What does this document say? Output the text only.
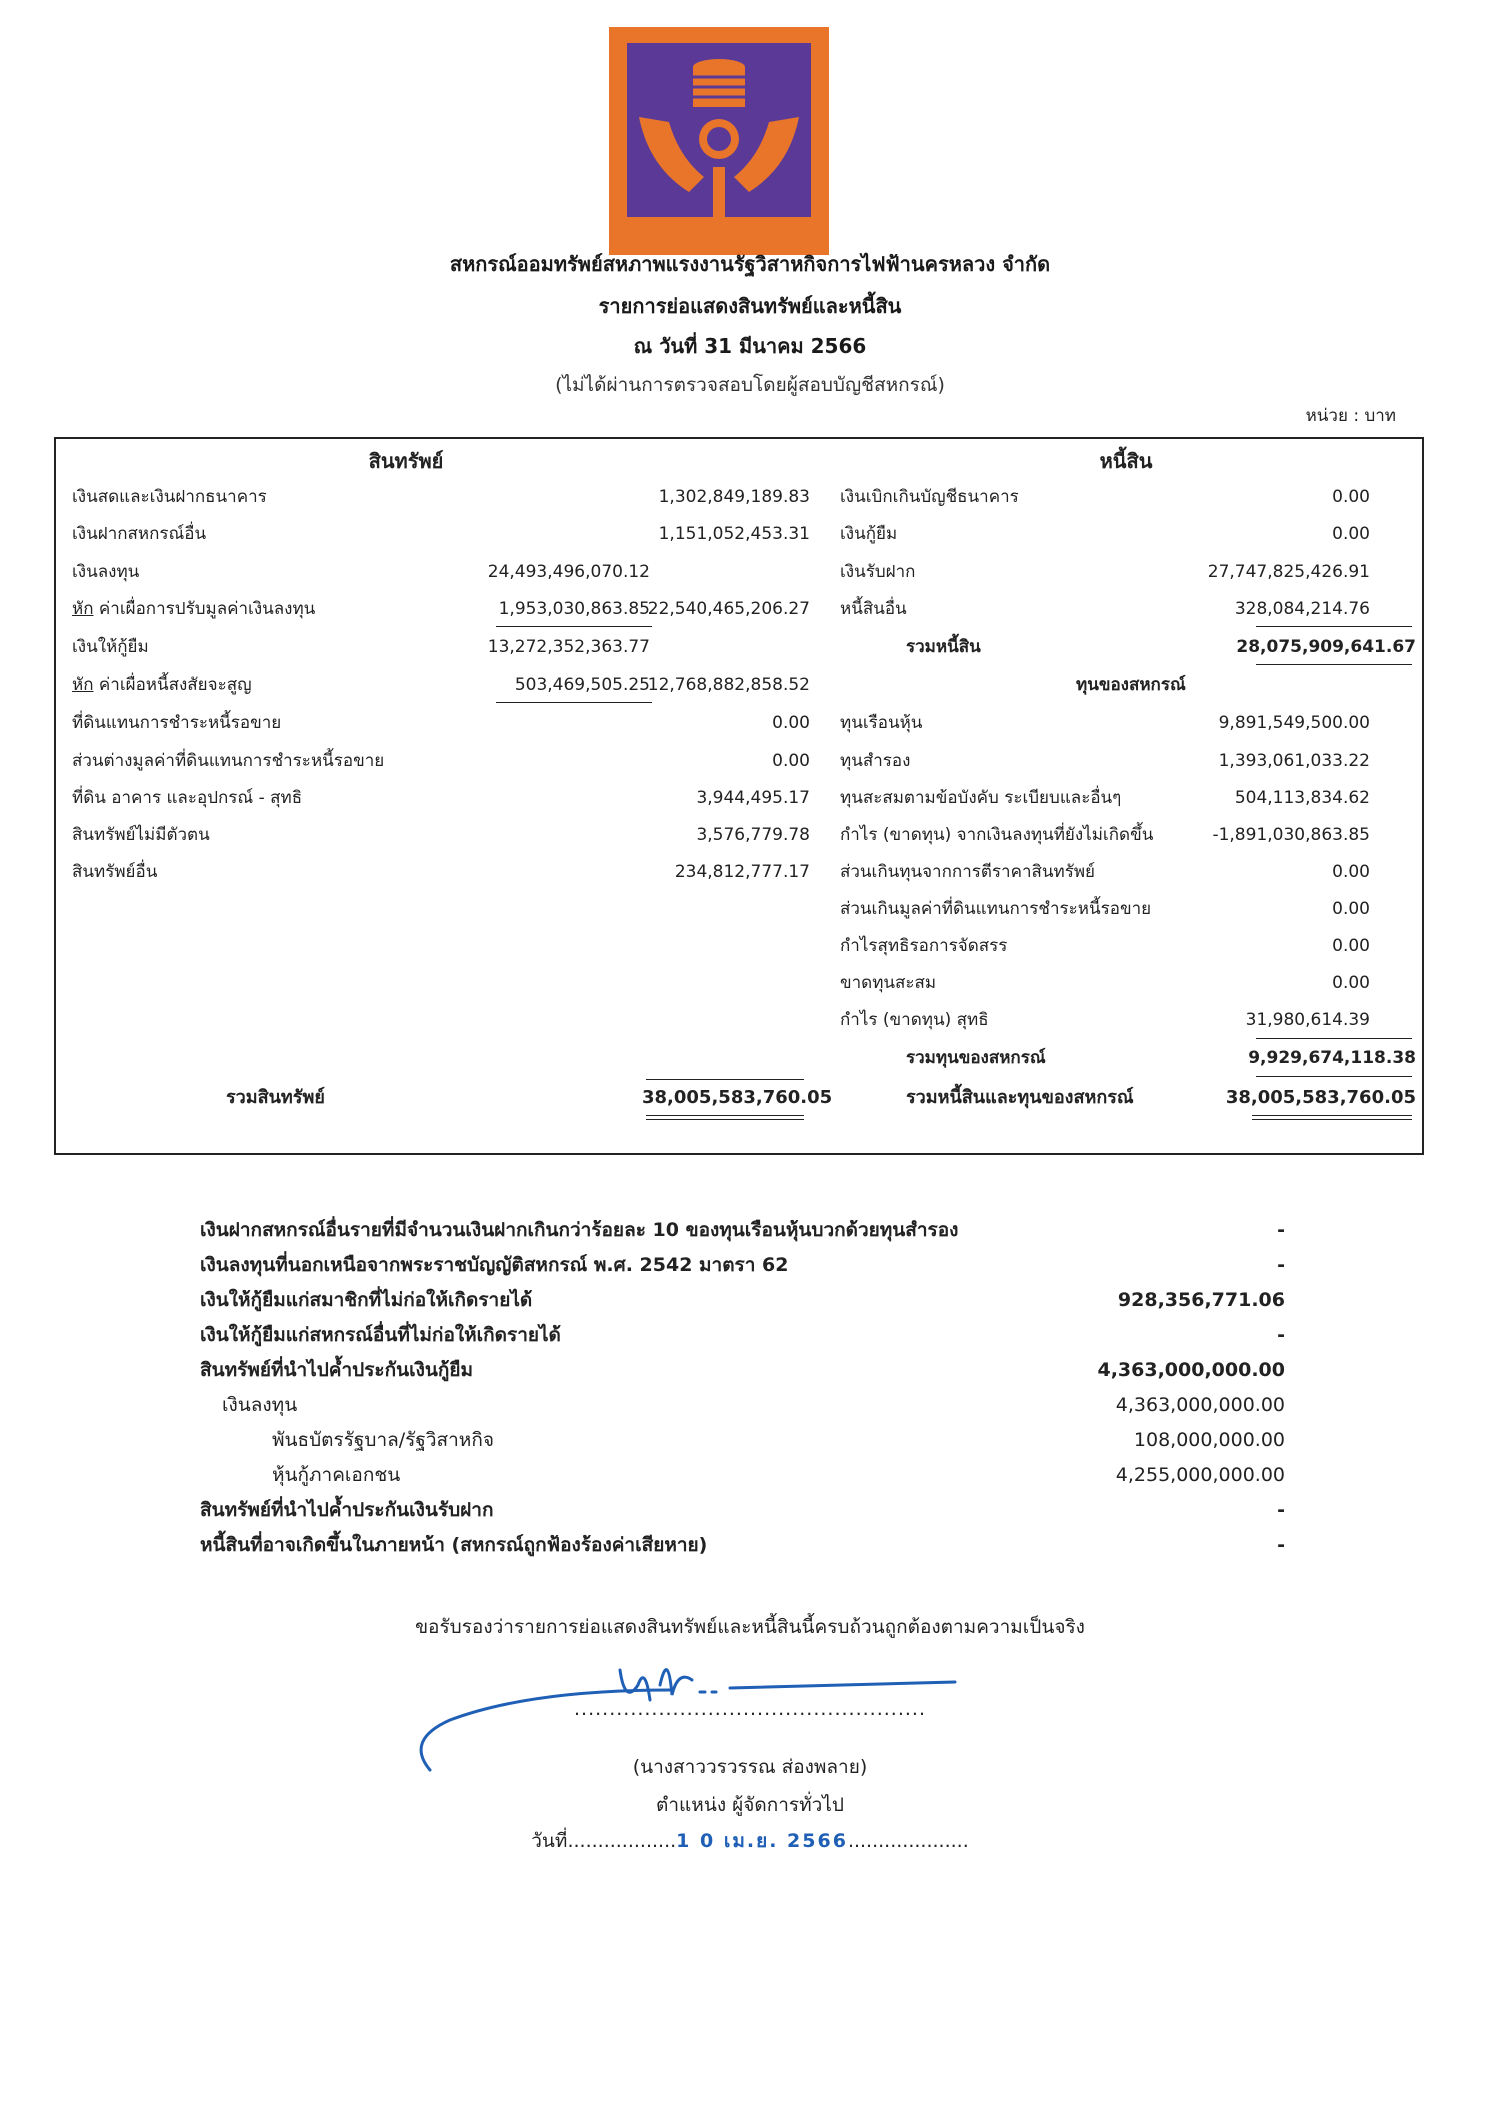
สหกรณ์ออมทรัพย์สหภาพแรงงานรัฐวิสาหกิจการไฟฟ้านครหลวง จำกัด
รายการย่อแสดงสินทรัพย์และหนี้สิน
ณ วันที่ 31 มีนาคม 2566
(ไม่ได้ผ่านการตรวจสอบโดยผู้สอบบัญชีสหกรณ์)
หน่วย : บาท
สินทรัพย์	หนี้สิน
เงินสดและเงินฝากธนาคาร	1,302,849,189.83
เงินฝากสหกรณ์อื่น	1,151,052,453.31
เงินลงทุน	24,493,496,070.12
หัก ค่าเผื่อการปรับมูลค่าเงินลงทุน	1,953,030,863.85
22,540,465,206.27
เงินให้กู้ยืม	13,272,352,363.77
หัก ค่าเผื่อหนี้สงสัยจะสูญ	503,469,505.25
12,768,882,858.52
ที่ดินแทนการชำระหนี้รอขาย	0.00
ส่วนต่างมูลค่าที่ดินแทนการชำระหนี้รอขาย	0.00
ที่ดิน อาคาร และอุปกรณ์ - สุทธิ	3,944,495.17
สินทรัพย์ไม่มีตัวตน	3,576,779.78
สินทรัพย์อื่น	234,812,777.17
รวมสินทรัพย์	38,005,583,760.05
เงินเบิกเกินบัญชีธนาคาร	0.00
เงินกู้ยืม	0.00
เงินรับฝาก	27,747,825,426.91
หนี้สินอื่น	328,084,214.76
รวมหนี้สิน	28,075,909,641.67
ทุนของสหกรณ์
ทุนเรือนหุ้น	9,891,549,500.00
ทุนสำรอง	1,393,061,033.22
ทุนสะสมตามข้อบังคับ ระเบียบและอื่นๆ	504,113,834.62
กำไร (ขาดทุน) จากเงินลงทุนที่ยังไม่เกิดขึ้น	-1,891,030,863.85
ส่วนเกินทุนจากการตีราคาสินทรัพย์	0.00
ส่วนเกินมูลค่าที่ดินแทนการชำระหนี้รอขาย	0.00
กำไรสุทธิรอการจัดสรร	0.00
ขาดทุนสะสม	0.00
กำไร (ขาดทุน) สุทธิ	31,980,614.39
รวมทุนของสหกรณ์	9,929,674,118.38
รวมหนี้สินและทุนของสหกรณ์	38,005,583,760.05
เงินฝากสหกรณ์อื่นรายที่มีจำนวนเงินฝากเกินกว่าร้อยละ 10 ของทุนเรือนหุ้นบวกด้วยทุนสำรอง	-
เงินลงทุนที่นอกเหนือจากพระราชบัญญัติสหกรณ์ พ.ศ. 2542 มาตรา 62	-
เงินให้กู้ยืมแก่สมาชิกที่ไม่ก่อให้เกิดรายได้	928,356,771.06
เงินให้กู้ยืมแก่สหกรณ์อื่นที่ไม่ก่อให้เกิดรายได้	-
สินทรัพย์ที่นำไปค้ำประกันเงินกู้ยืม	4,363,000,000.00
เงินลงทุน	4,363,000,000.00
พันธบัตรรัฐบาล/รัฐวิสาหกิจ	108,000,000.00
หุ้นกู้ภาคเอกชน	4,255,000,000.00
สินทรัพย์ที่นำไปค้ำประกันเงินรับฝาก	-
หนี้สินที่อาจเกิดขึ้นในภายหน้า (สหกรณ์ถูกฟ้องร้องค่าเสียหาย)	-
ขอรับรองว่ารายการย่อแสดงสินทรัพย์และหนี้สินนี้ครบถ้วนถูกต้องตามความเป็นจริง
..................................................
(นางสาววรวรรณ ส่องพลาย)
ตำแหน่ง ผู้จัดการทั่วไป
วันที่..................1 0 เม.ย. 2566....................
